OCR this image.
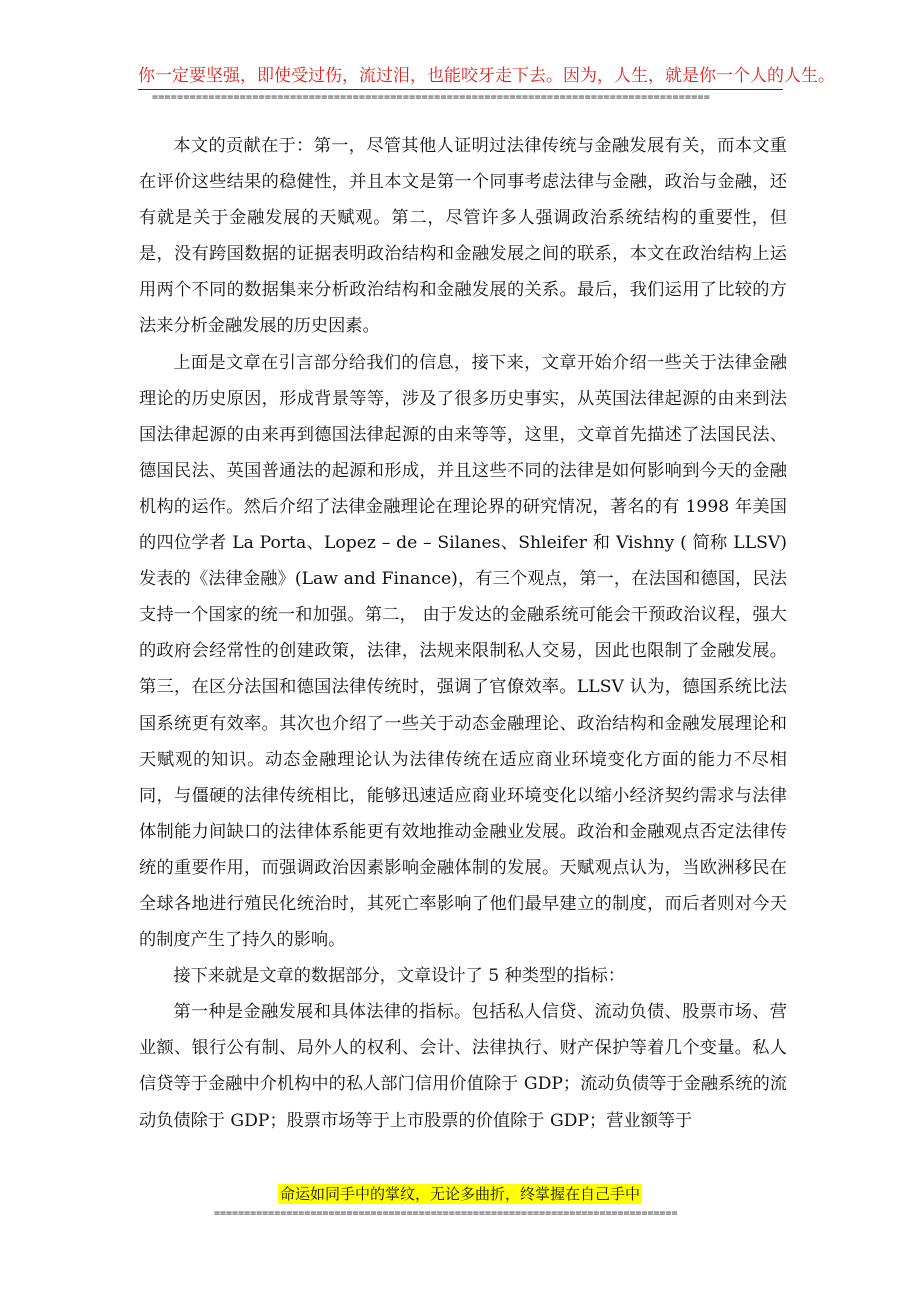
你一定要坚强，即使受过伤，流过泪，也能咬牙走下去。因为，人生，就是你一个人的人生。
=========================================================================================

本文的贡献在于：第一，尽管其他人证明过法律传统与金融发展有关，而本文重在评价这些结果的稳健性，并且本文是第一个同事考虑法律与金融，政治与金融，还有就是关于金融发展的天赋观。第二，尽管许多人强调政治系统结构的重要性，但是，没有跨国数据的证据表明政治结构和金融发展之间的联系，本文在政治结构上运用两个不同的数据集来分析政治结构和金融发展的关系。最后，我们运用了比较的方法来分析金融发展的历史因素。

上面是文章在引言部分给我们的信息，接下来，文章开始介绍一些关于法律金融理论的历史原因，形成背景等等，涉及了很多历史事实，从英国法律起源的由来到法国法律起源的由来再到德国法律起源的由来等等，这里，文章首先描述了法国民法、德国民法、英国普通法的起源和形成，并且这些不同的法律是如何影响到今天的金融机构的运作。然后介绍了法律金融理论在理论界的研究情况，著名的有 1998 年美国的四位学者 La Porta、Lopez – de – Silanes、Shleifer 和 Vishny ( 简称 LLSV) 发表的《法律金融》(Law and Finance)，有三个观点，第一，在法国和德国，民法支持一个国家的统一和加强。第二， 由于发达的金融系统可能会干预政治议程，强大的政府会经常性的创建政策，法律，法规来限制私人交易，因此也限制了金融发展。第三，在区分法国和德国法律传统时，强调了官僚效率。LLSV 认为，德国系统比法国系统更有效率。其次也介绍了一些关于动态金融理论、政治结构和金融发展理论和天赋观的知识。动态金融理论认为法律传统在适应商业环境变化方面的能力不尽相同，与僵硬的法律传统相比，能够迅速适应商业环境变化以缩小经济契约需求与法律体制能力间缺口的法律体系能更有效地推动金融业发展。政治和金融观点否定法律传统的重要作用，而强调政治因素影响金融体制的发展。天赋观点认为，当欧洲移民在全球各地进行殖民化统治时，其死亡率影响了他们最早建立的制度，而后者则对今天的制度产生了持久的影响。

接下来就是文章的数据部分，文章设计了 5 种类型的指标：

第一种是金融发展和具体法律的指标。包括私人信贷、流动负债、股票市场、营业额、银行公有制、局外人的权利、会计、法律执行、财产保护等着几个变量。私人信贷等于金融中介机构中的私人部门信用价值除于 GDP；流动负债等于金融系统的流动负债除于 GDP；股票市场等于上市股票的价值除于 GDP；营业额等于

命运如同手中的掌纹，无论多曲折，终掌握在自己手中
=============================================================================
